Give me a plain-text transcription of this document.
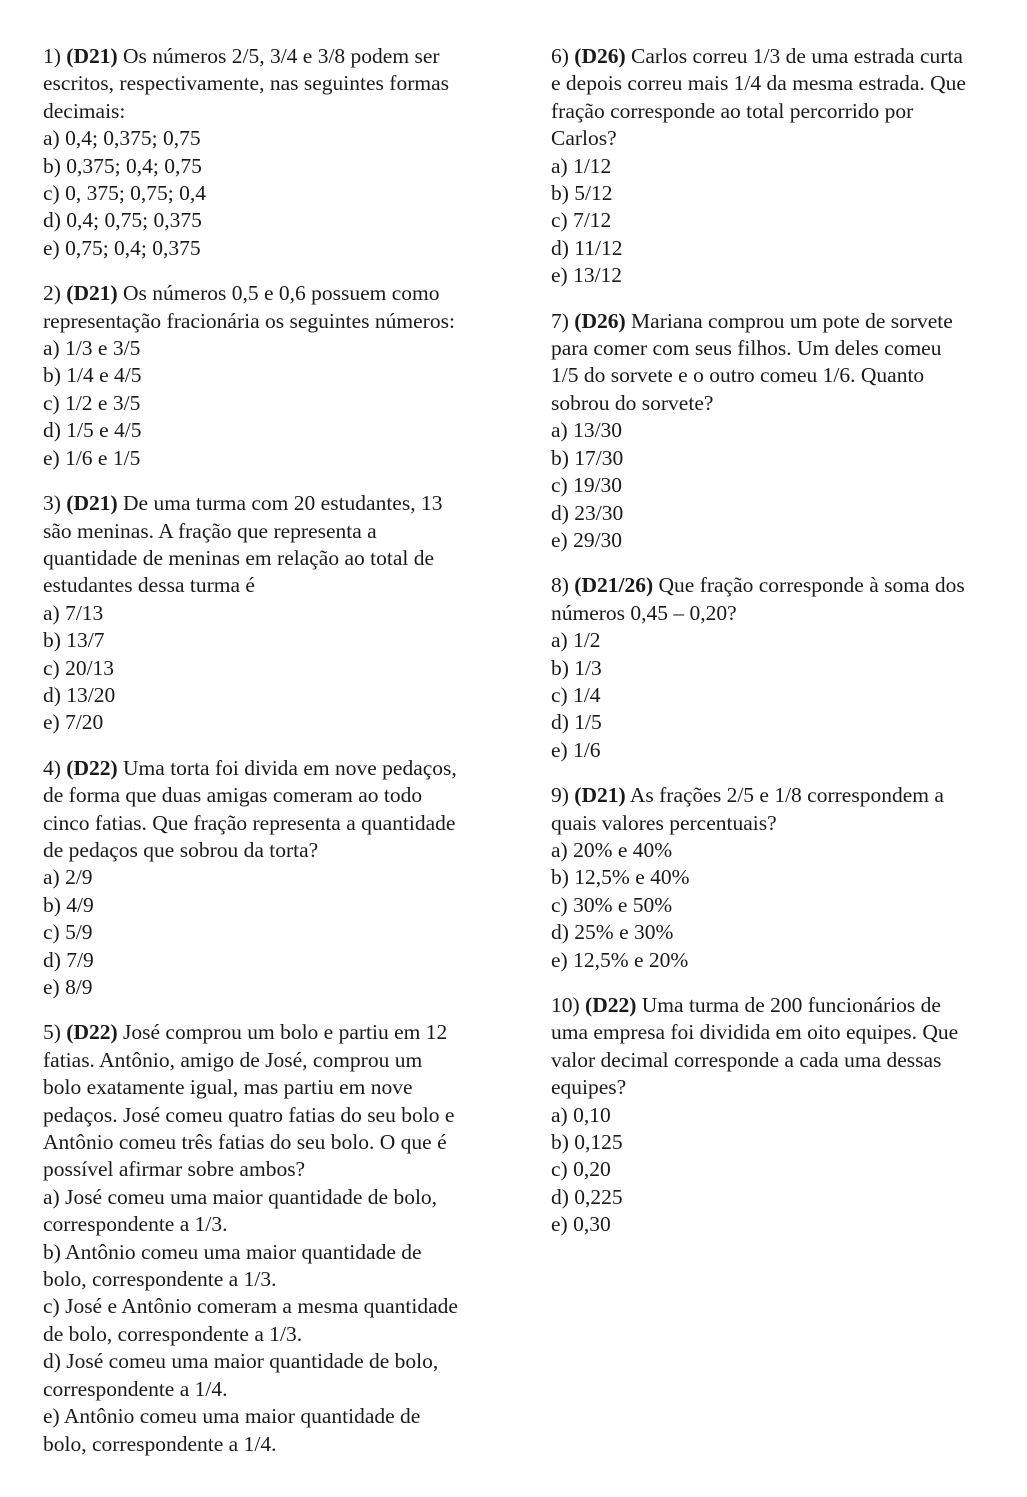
1) (D21) Os números 2/5, 3/4 e 3/8 podem ser
escritos, respectivamente, nas seguintes formas
decimais:
a) 0,4; 0,375; 0,75
b) 0,375; 0,4; 0,75
c) 0, 375; 0,75; 0,4
d) 0,4; 0,75; 0,375
e) 0,75; 0,4; 0,375
2) (D21) Os números 0,5 e 0,6 possuem como
representação fracionária os seguintes números:
a) 1/3 e 3/5
b) 1/4 e 4/5
c) 1/2 e 3/5
d) 1/5 e 4/5
e) 1/6 e 1/5
3) (D21) De uma turma com 20 estudantes, 13
são meninas. A fração que representa a
quantidade de meninas em relação ao total de
estudantes dessa turma é
a) 7/13
b) 13/7
c) 20/13
d) 13/20
e) 7/20
4) (D22) Uma torta foi divida em nove pedaços,
de forma que duas amigas comeram ao todo
cinco fatias. Que fração representa a quantidade
de pedaços que sobrou da torta?
a) 2/9
b) 4/9
c) 5/9
d) 7/9
e) 8/9
5) (D22) José comprou um bolo e partiu em 12
fatias. Antônio, amigo de José, comprou um
bolo exatamente igual, mas partiu em nove
pedaços. José comeu quatro fatias do seu bolo e
Antônio comeu três fatias do seu bolo. O que é
possível afirmar sobre ambos?
a) José comeu uma maior quantidade de bolo,
correspondente a 1/3.
b) Antônio comeu uma maior quantidade de
bolo, correspondente a 1/3.
c) José e Antônio comeram a mesma quantidade
de bolo, correspondente a 1/3.
d) José comeu uma maior quantidade de bolo,
correspondente a 1/4.
e) Antônio comeu uma maior quantidade de
bolo, correspondente a 1/4.
6) (D26) Carlos correu 1/3 de uma estrada curta
e depois correu mais 1/4 da mesma estrada. Que
fração corresponde ao total percorrido por
Carlos?
a) 1/12
b) 5/12
c) 7/12
d) 11/12
e) 13/12
7) (D26) Mariana comprou um pote de sorvete
para comer com seus filhos. Um deles comeu
1/5 do sorvete e o outro comeu 1/6. Quanto
sobrou do sorvete?
a) 13/30
b) 17/30
c) 19/30
d) 23/30
e) 29/30
8) (D21/26) Que fração corresponde à soma dos
números 0,45 – 0,20?
a) 1/2
b) 1/3
c) 1/4
d) 1/5
e) 1/6
9) (D21) As frações 2/5 e 1/8 correspondem a
quais valores percentuais?
a) 20% e 40%
b) 12,5% e 40%
c) 30% e 50%
d) 25% e 30%
e) 12,5% e 20%
10) (D22) Uma turma de 200 funcionários de
uma empresa foi dividida em oito equipes. Que
valor decimal corresponde a cada uma dessas
equipes?
a) 0,10
b) 0,125
c) 0,20
d) 0,225
e) 0,30
